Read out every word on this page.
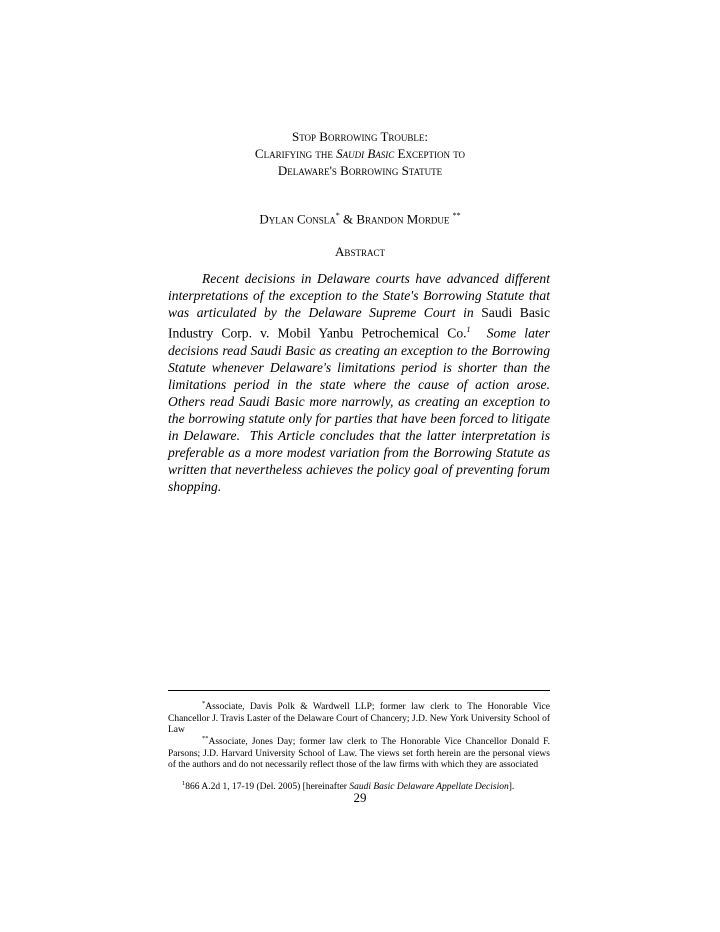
Stop Borrowing Trouble:
Clarifying the Saudi Basic Exception to
Delaware's Borrowing Statute
Dylan Consla* & Brandon Mordue **
Abstract

Recent decisions in Delaware courts have advanced different interpretations of the exception to the State's Borrowing Statute that was articulated by the Delaware Supreme Court in Saudi Basic Industry Corp. v. Mobil Yanbu Petrochemical Co.$^1$  Some later decisions read Saudi Basic as creating an exception to the Borrowing Statute whenever Delaware's limitations period is shorter than the limitations period in the state where the cause of action arose.  Others read Saudi Basic more narrowly, as creating an exception to the borrowing statute only for parties that have been forced to litigate in Delaware.  This Article concludes that the latter interpretation is preferable as a more modest variation from the Borrowing Statute as written that nevertheless achieves the policy goal of preventing forum shopping.

*Associate, Davis Polk & Wardwell LLP; former law clerk to The Honorable Vice Chancellor J. Travis Laster of the Delaware Court of Chancery; J.D. New York University School of Law

**Associate, Jones Day; former law clerk to The Honorable Vice Chancellor Donald F. Parsons; J.D. Harvard University School of Law. The views set forth herein are the personal views of the authors and do not necessarily reflect those of the law firms with which they are associated

$^1$866 A.2d 1, 17-19 (Del. 2005) [hereinafter Saudi Basic Delaware Appellate Decision].

29
